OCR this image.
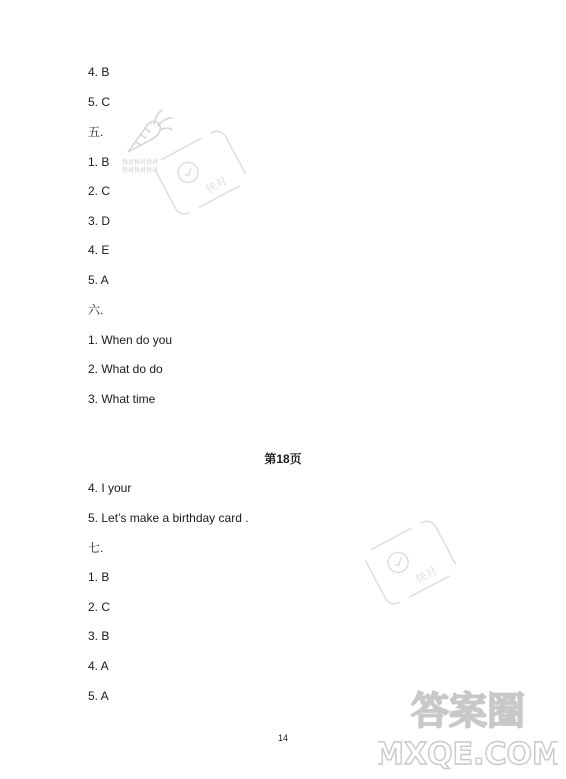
4. B
5. C
五.
1. B
2. C
3. D
4. E
5. A
六.
1. When do you
2. What do do
3. What time
第18页
4. I your
5. Let’s make a birthday card .
七.
1. B
2. C
3. B
4. A
5. A
14
快对快对快对
快对快对快对
快对
快对
答案圈
MXQE.COM
